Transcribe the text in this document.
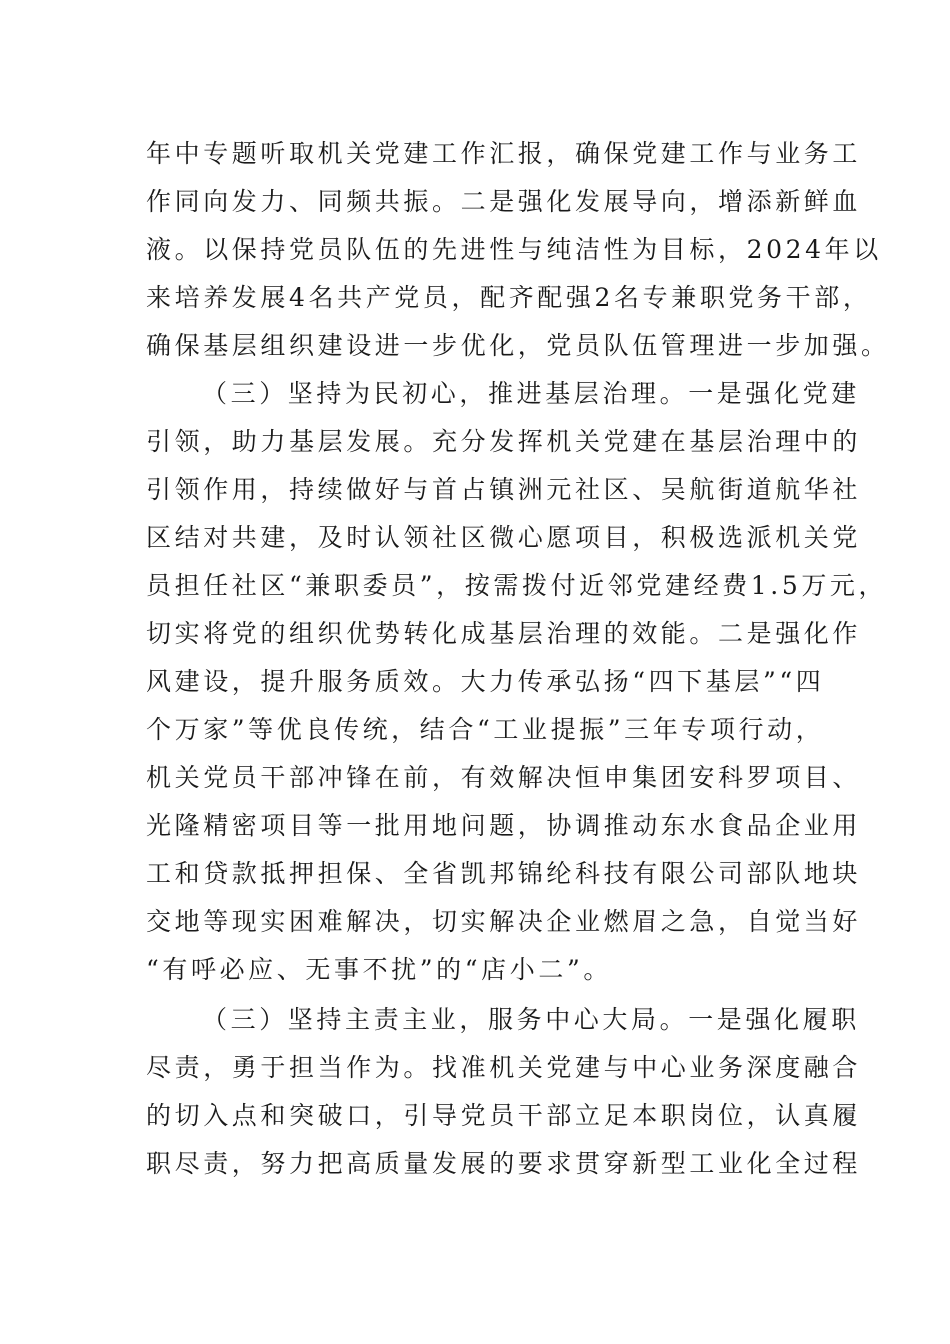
年中专题听取机关党建工作汇报，确保党建工作与业务工
作同向发力、同频共振。二是强化发展导向，增添新鲜血
液。以保持党员队伍的先进性与纯洁性为目标，2024年以
来培养发展4名共产党员，配齐配强2名专兼职党务干部，
确保基层组织建设进一步优化，党员队伍管理进一步加强。
（三）坚持为民初心，推进基层治理。一是强化党建
引领，助力基层发展。充分发挥机关党建在基层治理中的
引领作用，持续做好与首占镇洲元社区、吴航街道航华社
区结对共建，及时认领社区微心愿项目，积极选派机关党
员担任社区“兼职委员”，按需拨付近邻党建经费1.5万元，
切实将党的组织优势转化成基层治理的效能。二是强化作
风建设，提升服务质效。大力传承弘扬“四下基层”“四
个万家”等优良传统，结合“工业提振”三年专项行动，
机关党员干部冲锋在前，有效解决恒申集团安科罗项目、
光隆精密项目等一批用地问题，协调推动东水食品企业用
工和贷款抵押担保、全省凯邦锦纶科技有限公司部队地块
交地等现实困难解决，切实解决企业燃眉之急，自觉当好
“有呼必应、无事不扰”的“店小二”。
（三）坚持主责主业，服务中心大局。一是强化履职
尽责，勇于担当作为。找准机关党建与中心业务深度融合
的切入点和突破口，引导党员干部立足本职岗位，认真履
职尽责，努力把高质量发展的要求贯穿新型工业化全过程
